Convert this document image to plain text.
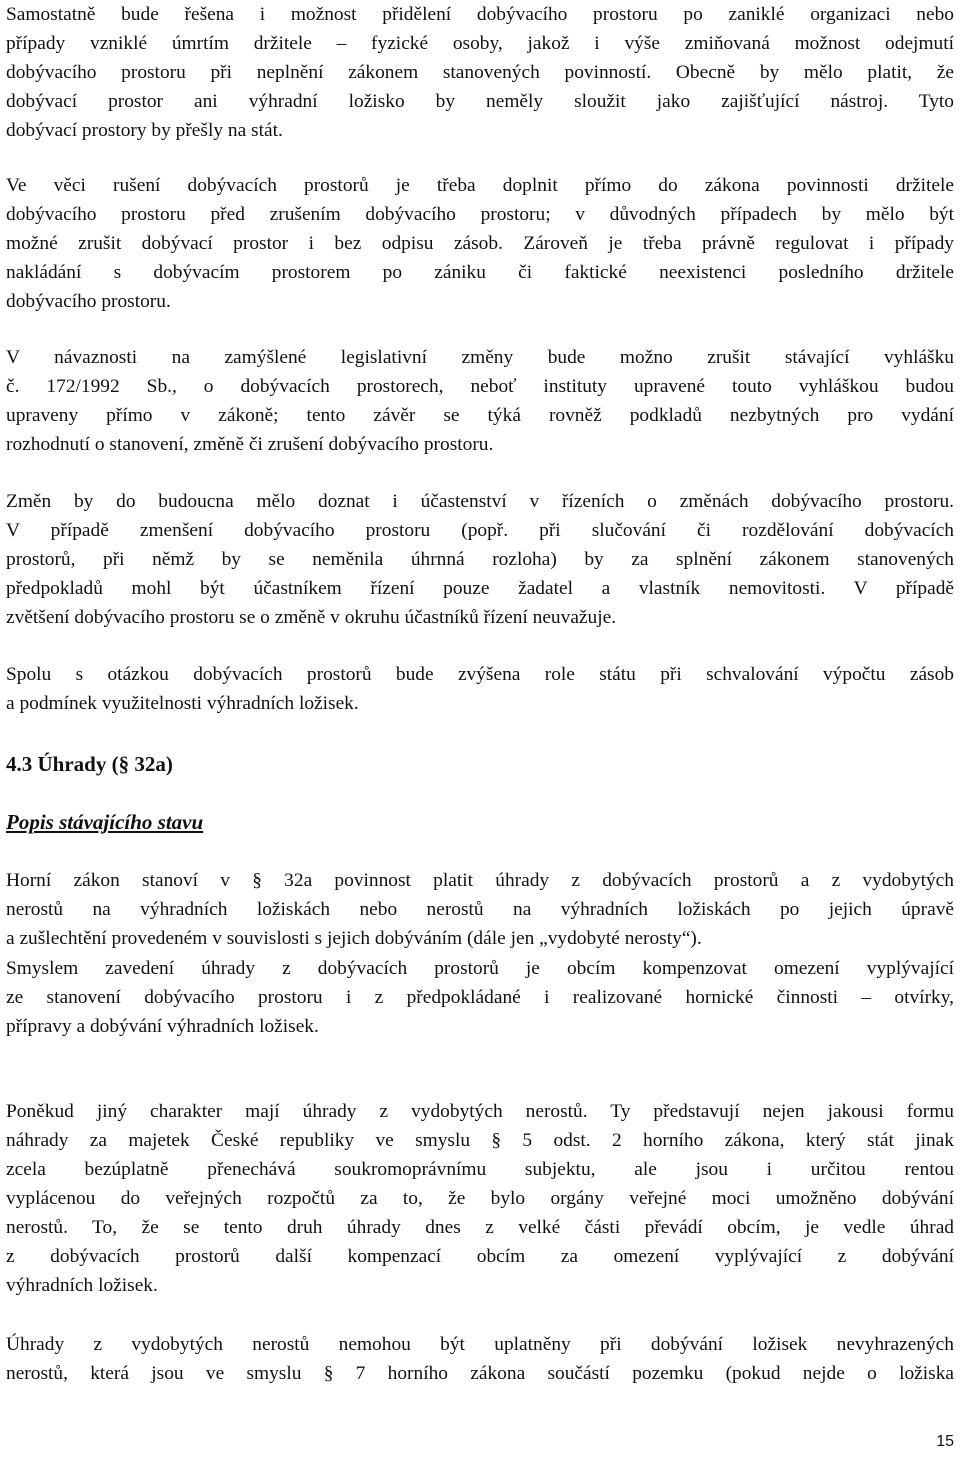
Samostatně bude řešena i možnost přidělení dobývacího prostoru po zaniklé organizaci nebo
případy vzniklé úmrtím držitele – fyzické osoby, jakož i výše zmiňovaná možnost odejmutí
dobývacího prostoru při neplnění zákonem stanovených povinností. Obecně by mělo platit, že
dobývací prostor ani výhradní ložisko by neměly sloužit jako zajišťující nástroj. Tyto
dobývací prostory by přešly na stát.
Ve věci rušení dobývacích prostorů je třeba doplnit přímo do zákona povinnosti držitele
dobývacího prostoru před zrušením dobývacího prostoru; v důvodných případech by mělo být
možné zrušit dobývací prostor i bez odpisu zásob. Zároveň je třeba právně regulovat i případy
nakládání s dobývacím prostorem po zániku či faktické neexistenci posledního držitele
dobývacího prostoru.
V návaznosti na zamýšlené legislativní změny bude možno zrušit stávající vyhlášku
č. 172/1992 Sb., o dobývacích prostorech, neboť instituty upravené touto vyhláškou budou
upraveny přímo v zákoně; tento závěr se týká rovněž podkladů nezbytných pro vydání
rozhodnutí o stanovení, změně či zrušení dobývacího prostoru.
Změn by do budoucna mělo doznat i účastenství v řízeních o změnách dobývacího prostoru.
V případě zmenšení dobývacího prostoru (popř. při slučování či rozdělování dobývacích
prostorů, při němž by se neměnila úhrnná rozloha) by za splnění zákonem stanovených
předpokladů mohl být účastníkem řízení pouze žadatel a vlastník nemovitosti. V případě
zvětšení dobývacího prostoru se o změně v okruhu účastníků řízení neuvažuje.
Spolu s otázkou dobývacích prostorů bude zvýšena role státu při schvalování výpočtu zásob
a podmínek využitelnosti výhradních ložisek.
4.3 Úhrady (§ 32a)
Popis stávajícího stavu
Horní zákon stanoví v § 32a povinnost platit úhrady z dobývacích prostorů a z vydobytých
nerostů na výhradních ložiskách nebo nerostů na výhradních ložiskách po jejich úpravě
a zušlechtění provedeném v souvislosti s jejich dobýváním (dále jen „vydobyté nerosty“).
Smyslem zavedení úhrady z dobývacích prostorů je obcím kompenzovat omezení vyplývající
ze stanovení dobývacího prostoru i z předpokládané i realizované hornické činnosti – otvírky,
přípravy a dobývání výhradních ložisek.
Poněkud jiný charakter mají úhrady z vydobytých nerostů. Ty představují nejen jakousi formu
náhrady za majetek České republiky ve smyslu § 5 odst. 2 horního zákona, který stát jinak
zcela bezúplatně přenechává soukromoprávnímu subjektu, ale jsou i určitou rentou
vyplácenou do veřejných rozpočtů za to, že bylo orgány veřejné moci umožněno dobývání
nerostů. To, že se tento druh úhrady dnes z velké části převádí obcím, je vedle úhrad
z dobývacích prostorů další kompenzací obcím za omezení vyplývající z dobývání
výhradních ložisek.
Úhrady z vydobytých nerostů nemohou být uplatněny při dobývání ložisek nevyhrazených
nerostů, která jsou ve smyslu § 7 horního zákona součástí pozemku (pokud nejde o ložiska
15
